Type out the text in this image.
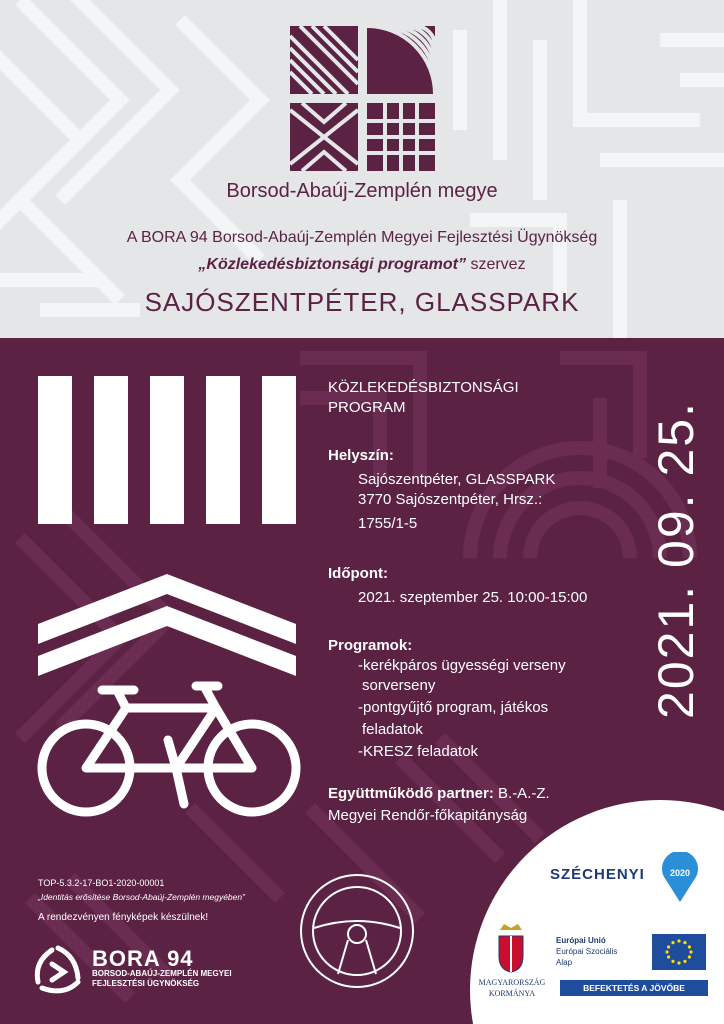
Borsod-Abaúj-Zemplén megye
A BORA 94 Borsod-Abaúj-Zemplén Megyei Fejlesztési Ügynökség
„Közlekedésbiztonsági programot” szervez
SAJÓSZENTPÉTER, GLASSPARK
KÖZLEKEDÉSBIZTONSÁGI
PROGRAM
Helyszín:
Sajószentpéter, GLASSPARK
3770 Sajószentpéter, Hrsz.:
1755/1-5
Időpont:
2021. szeptember 25. 10:00-15:00
Programok:
-kerékpáros ügyességi verseny
sorverseny
-pontgyűjtő program, játékos
feladatok
-KRESZ feladatok
Együttműködő partner: B.-A.-Z.
Megyei Rendőr-főkapitányság
2021. 09. 25.
TOP-5.3.2-17-BO1-2020-00001
„Identitás erősítése Borsod-Abaúj-Zemplén megyében”
A rendezvényen fényképek készülnek!
BORA 94
BORSOD-ABAÚJ-ZEMPLÉN MEGYEI
FEJLESZTÉSI ÜGYNÖKSÉG
SZÉCHENYI	2020
MAGYARORSZÁG
KORMÁNYA
Európai Unió
Európai Szociális
Alap
BEFEKTETÉS A JÖVŐBE
